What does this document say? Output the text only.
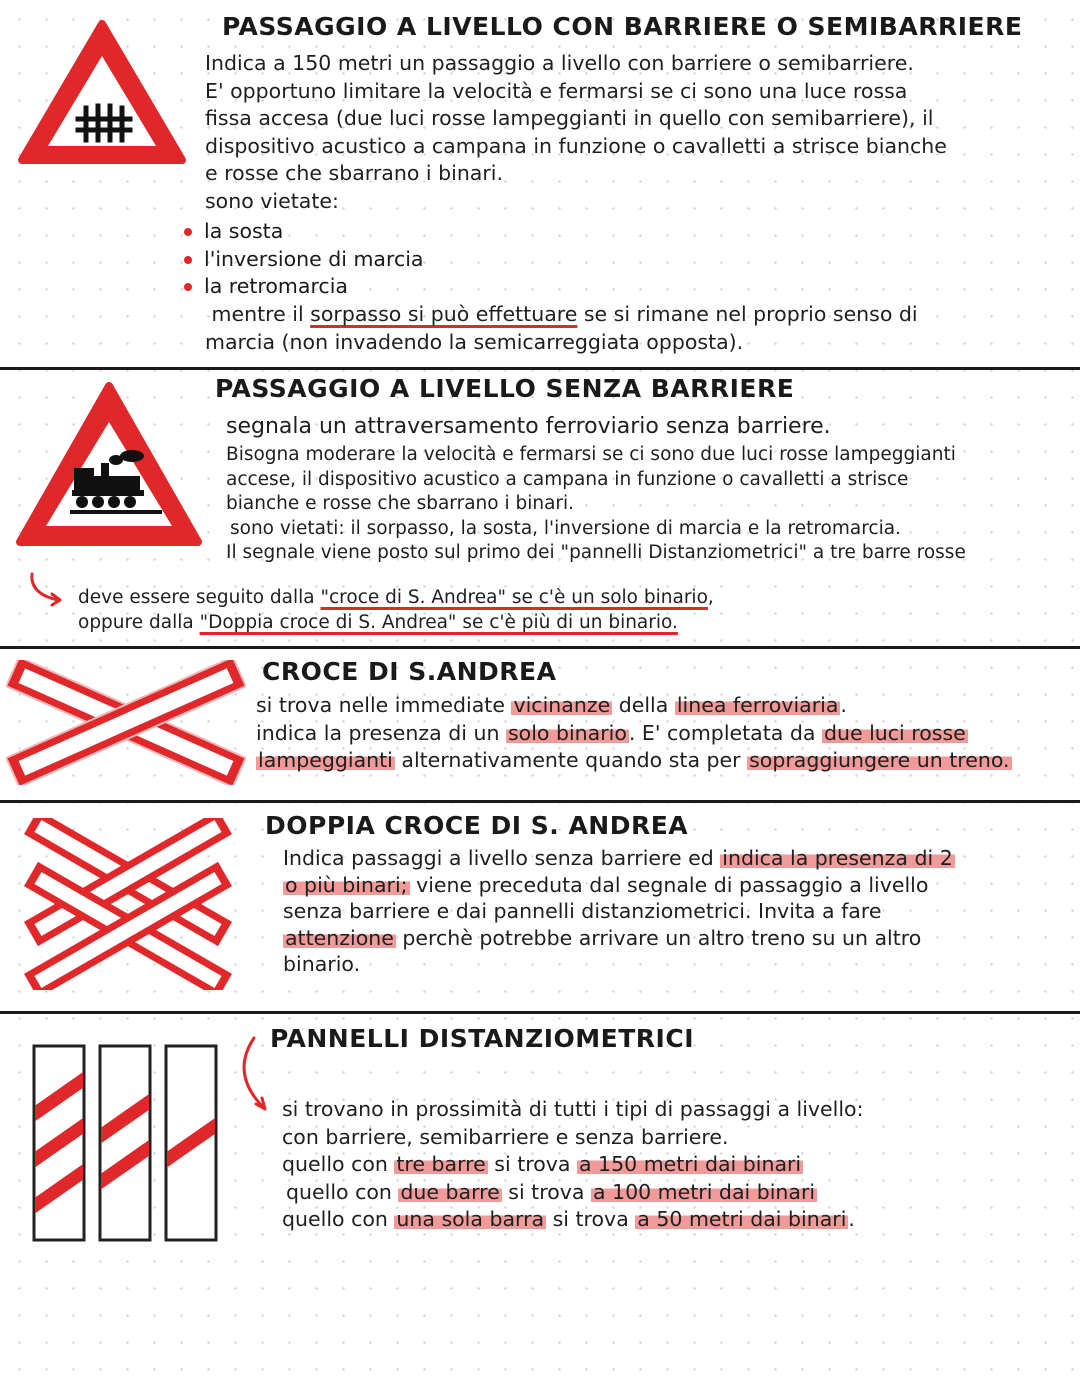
PASSAGGIO A LIVELLO CON BARRIERE O SEMIBARRIERE
Indica a 150 metri un passaggio a livello con barriere o semibarriere.
E' opportuno limitare la velocità e fermarsi se ci sono una luce rossa
fissa accesa (due luci rosse lampeggianti in quello con semibarriere), il
dispositivo acustico a campana in funzione o cavalletti a strisce bianche
e rosse che sbarrano i binari.
sono vietate:
la sosta
l'inversione di marcia
la retromarcia
mentre il sorpasso si può effettuare se si rimane nel proprio senso di
marcia (non invadendo la semicarreggiata opposta).
PASSAGGIO A LIVELLO SENZA BARRIERE
segnala un attraversamento ferroviario senza barriere.
Bisogna moderare la velocità e fermarsi se ci sono due luci rosse lampeggianti
accese, il dispositivo acustico a campana in funzione o cavalletti a strisce
bianche e rosse che sbarrano i binari.
sono vietati: il sorpasso, la sosta, l'inversione di marcia e la retromarcia.
Il segnale viene posto sul primo dei "pannelli Distanziometrici" a tre barre rosse
deve essere seguito dalla "croce di S. Andrea" se c'è un solo binario,
oppure dalla "Doppia croce di S. Andrea" se c'è più di un binario.
CROCE DI S.ANDREA
si trova nelle immediate vicinanze della linea ferroviaria.
indica la presenza di un solo binario. E' completata da due luci rosse
lampeggianti alternativamente quando sta per sopraggiungere un treno.
DOPPIA CROCE DI S. ANDREA
Indica passaggi a livello senza barriere ed indica la presenza di 2
o più binari; viene preceduta dal segnale di passaggio a livello
senza barriere e dai pannelli distanziometrici. Invita a fare
attenzione perchè potrebbe arrivare un altro treno su un altro
binario.
PANNELLI DISTANZIOMETRICI
si trovano in prossimità di tutti i tipi di passaggi a livello:
con barriere, semibarriere e senza barriere.
quello con tre barre si trova a 150 metri dai binari
quello con due barre si trova a 100 metri dai binari
quello con una sola barra si trova a 50 metri dai binari.
